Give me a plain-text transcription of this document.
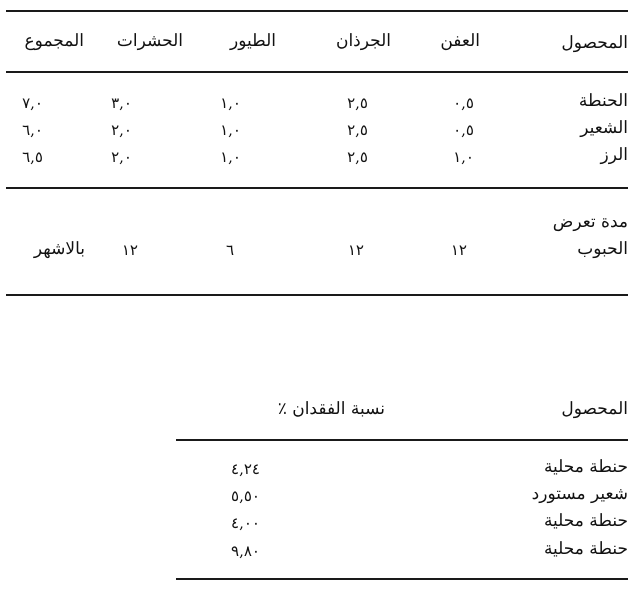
المحصول
العفن
الجرذان
الطيور
الحشرات
المجموع
الحنطة
٠,٥
٢,٥
١,٠
٣,٠
٧,٠
الشعير
٠,٥
٢,٥
١,٠
٢,٠
٦,٠
الرز
١,٠
٢,٥
١,٠
٢,٠
٦,٥
مدة تعرض
الحبوب
١٢
١٢
٦
١٢
بالاشهر
المحصول
نسبة الفقدان ٪
حنطة محلية
٤,٢٤
شعير مستورد
٥,٥٠
حنطة محلية
٤,٠٠
حنطة محلية
٩,٨٠
